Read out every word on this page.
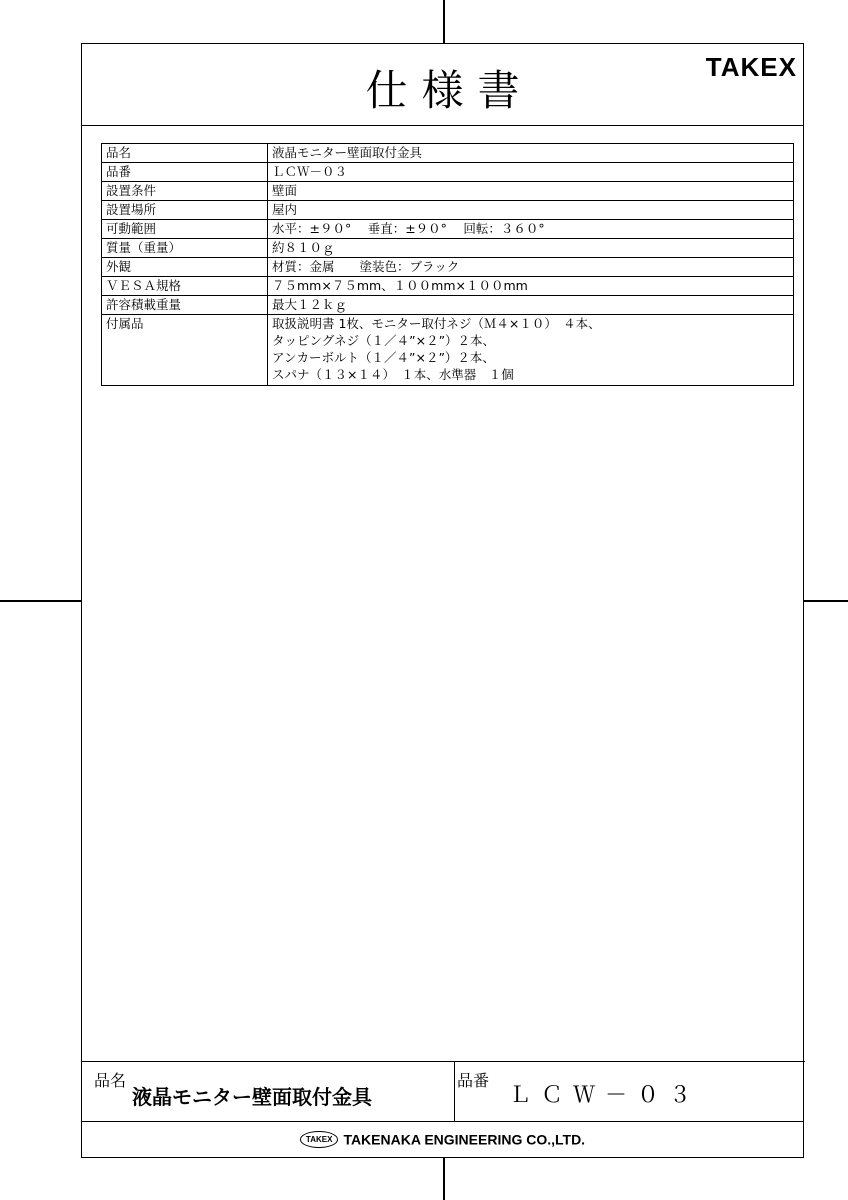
仕様書	TAKEX
品名	液晶モニター壁面取付金具
品番	ＬＣＷ－０３
設置条件	壁面
設置場所	屋内
可動範囲	水平：±９０°　 垂直：±９０°　 回転：３６０°
質量（重量）	約８１０ｇ
外観	材質：金属　　塗装色：ブラック
ＶＥＳＡ規格	７５mm×７５mm、１００mm×１００mm
許容積載重量	最大１２ｋｇ
付属品	取扱説明書 1枚、モニター取付ネジ（Ｍ４×１０）　４本、
タッピングネジ（１／４”×２”）２本、
アンカーボルト（１／４”×２”）２本、
スパナ（１３×１４）　１本、水準器　１個
品名
液晶モニター壁面取付金具
品番
ＬＣＷ－０３
TAKEX TAKENAKA ENGINEERING CO.,LTD.
